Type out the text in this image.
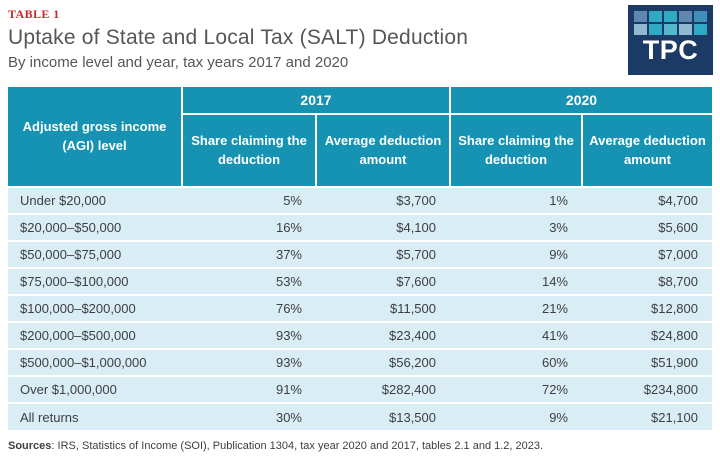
TABLE 1
Uptake of State and Local Tax (SALT) Deduction
By income level and year, tax years 2017 and 2020	TPC
Adjusted gross income (AGI) level	2017		2020	
	Share claiming the deduction	Average deduction amount	Share claiming the deduction	Average deduction amount
Under $20,000	5%	$3,700	1%	$4,700
$20,000–$50,000	16%	$4,100	3%	$5,600
$50,000–$75,000	37%	$5,700	9%	$7,000
$75,000–$100,000	53%	$7,600	14%	$8,700
$100,000–$200,000	76%	$11,500	21%	$12,800
$200,000–$500,000	93%	$23,400	41%	$24,800
$500,000–$1,000,000	93%	$56,200	60%	$51,900
Over $1,000,000	91%	$282,400	72%	$234,800
All returns	30%	$13,500	9%	$21,100
Sources: IRS, Statistics of Income (SOI), Publication 1304, tax year 2020 and 2017, tables 2.1 and 1.2, 2023.
